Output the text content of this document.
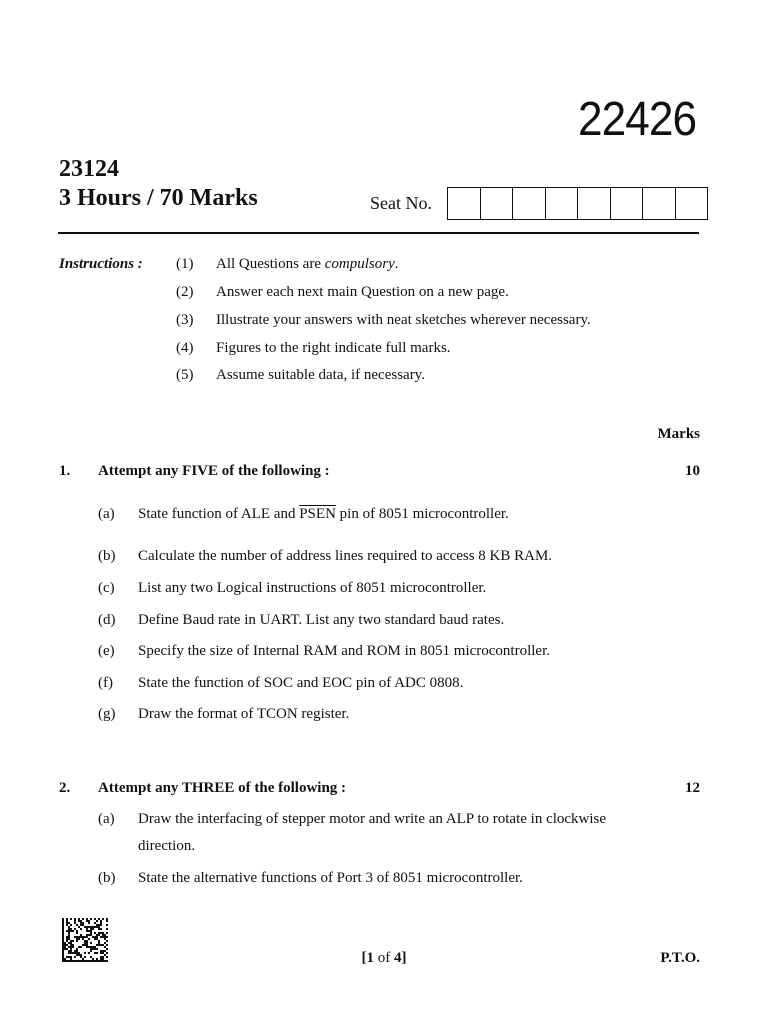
22426
23124
3 Hours / 70 Marks	Seat No.
Instructions : (1) All Questions are compulsory.
(2) Answer each next main Question on a new page.
(3) Illustrate your answers with neat sketches wherever necessary.
(4) Figures to the right indicate full marks.
(5) Assume suitable data, if necessary.
Marks
1. Attempt any FIVE of the following :	10
(a) State function of ALE and PSEN pin of 8051 microcontroller.
(b) Calculate the number of address lines required to access 8 KB RAM.
(c) List any two Logical instructions of 8051 microcontroller.
(d) Define Baud rate in UART. List any two standard baud rates.
(e) Specify the size of Internal RAM and ROM in 8051 microcontroller.
(f) State the function of SOC and EOC pin of ADC 0808.
(g) Draw the format of TCON register.
2. Attempt any THREE of the following :	12
(a) Draw the interfacing of stepper motor and write an ALP to rotate in clockwise
direction.
(b) State the alternative functions of Port 3 of 8051 microcontroller.
[1 of 4]	P.T.O.
